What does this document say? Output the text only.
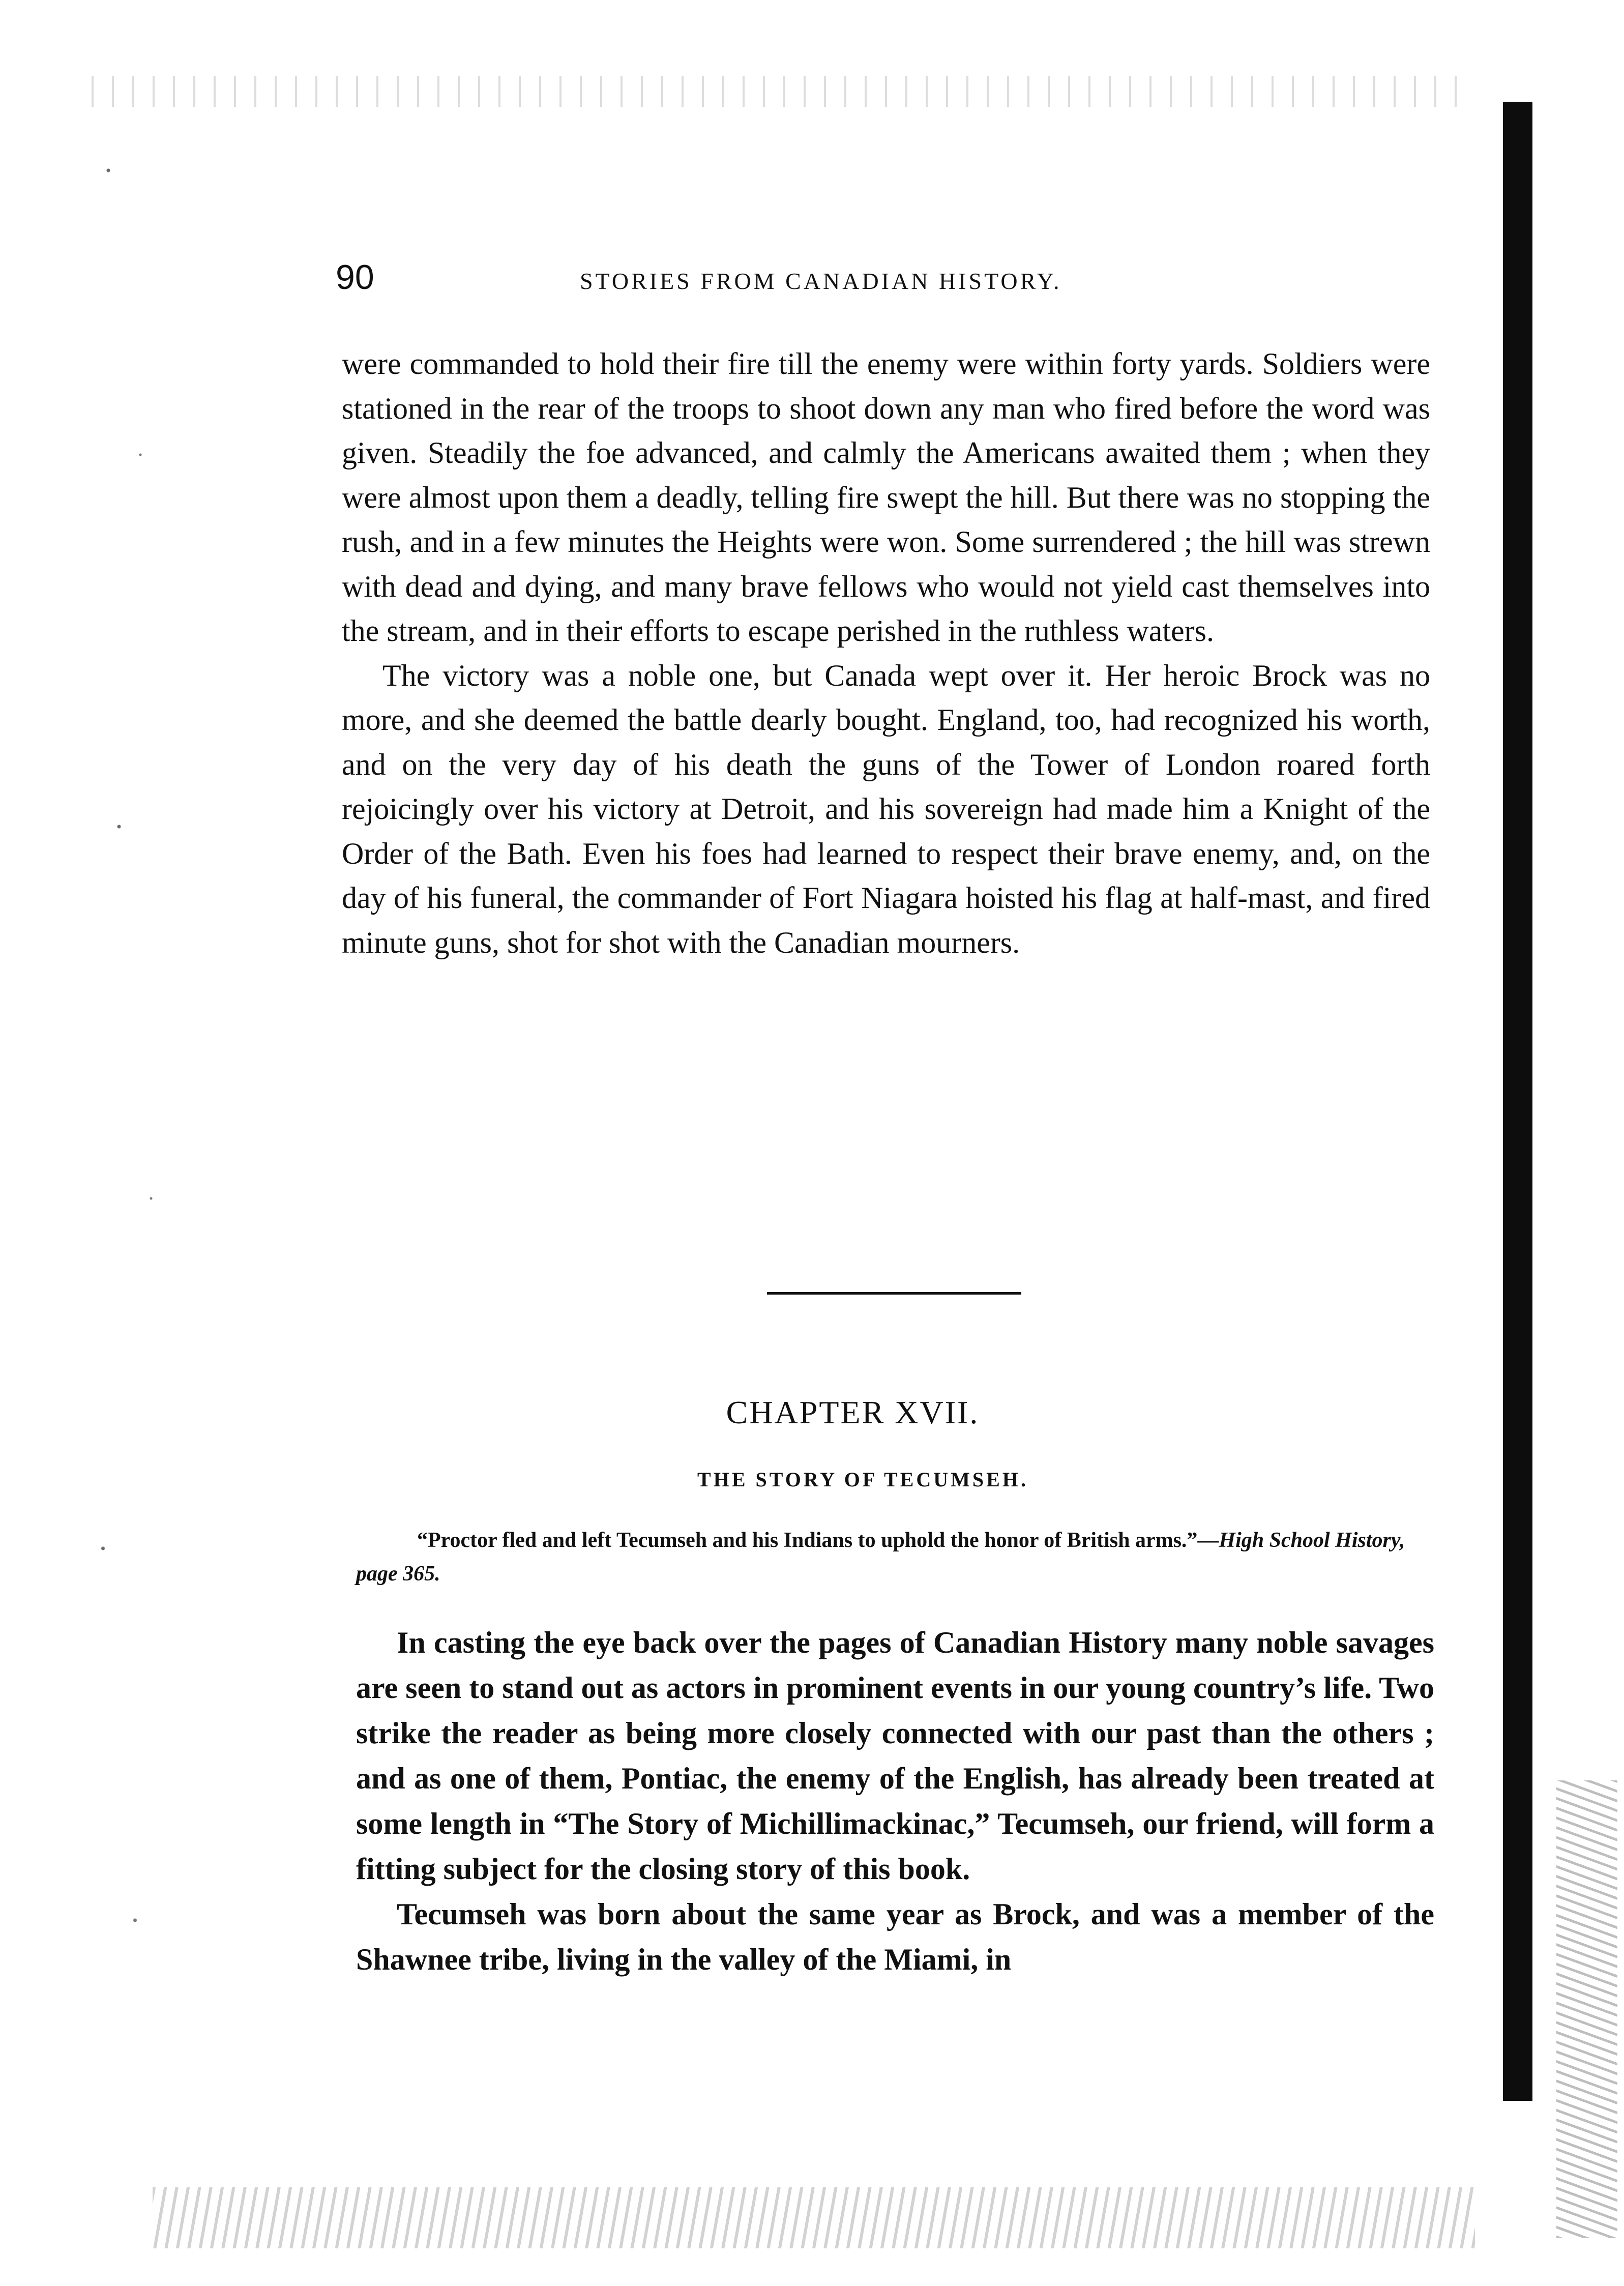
90	STORIES FROM CANADIAN HISTORY.

were commanded to hold their fire till the enemy were within forty yards. Soldiers were stationed in the rear of the troops to shoot down any man who fired before the word was given. Steadily the foe advanced, and calmly the Americans awaited them ; when they were almost upon them a deadly, telling fire swept the hill. But there was no stopping the rush, and in a few minutes the Heights were won. Some surrendered ; the hill was strewn with dead and dying, and many brave fellows who would not yield cast themselves into the stream, and in their efforts to escape perished in the ruthless waters.

The victory was a noble one, but Canada wept over it. Her heroic Brock was no more, and she deemed the battle dearly bought. England, too, had recognized his worth, and on the very day of his death the guns of the Tower of London roared forth rejoicingly over his victory at Detroit, and his sovereign had made him a Knight of the Order of the Bath. Even his foes had learned to respect their brave enemy, and, on the day of his funeral, the commander of Fort Niagara hoisted his flag at half-mast, and fired minute guns, shot for shot with the Canadian mourners.

CHAPTER XVII.
THE STORY OF TECUMSEH.
“Proctor fled and left Tecumseh and his Indians to uphold the honor of British arms.”—High School History, page 365.

In casting the eye back over the pages of Canadian History many noble savages are seen to stand out as actors in prominent events in our young country’s life. Two strike the reader as being more closely connected with our past than the others ; and as one of them, Pontiac, the enemy of the English, has already been treated at some length in “The Story of Michillimackinac,” Tecumseh, our friend, will form a fitting subject for the closing story of this book.

Tecumseh was born about the same year as Brock, and was a member of the Shawnee tribe, living in the valley of the Miami, in
